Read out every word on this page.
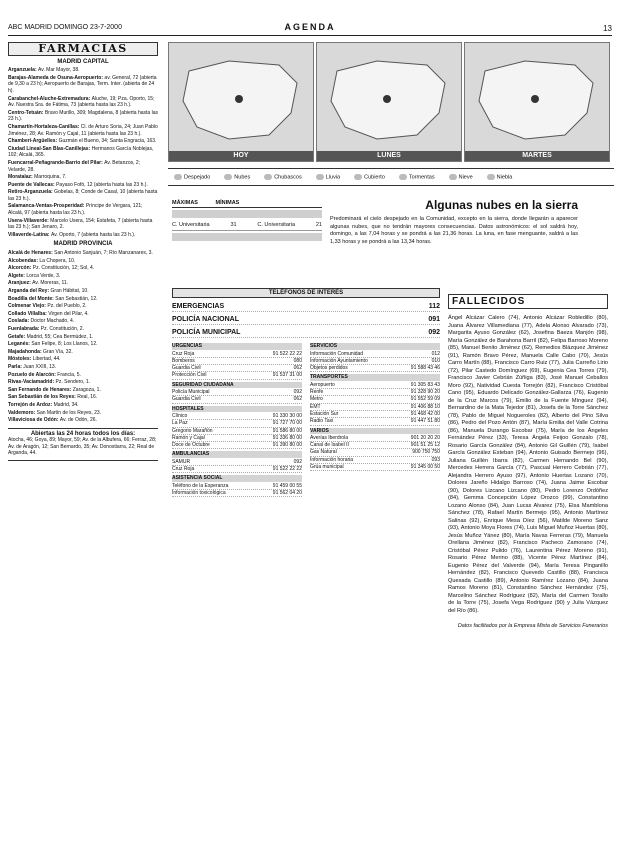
ABC MADRID DOMINGO 23-7-2000	AGENDA	13
FARMACIAS
MADRID CAPITAL

Arganzuela: Av. Mar Mayor, 38.

Barajas-Alameda de Osuna-Aeropuerto: av. General, 72 (abierta de 9,30 a 23 h); Aeropuerto de Barajas, Term. Inter. (abierta de 24 h).

Carabanchel-Aluche-Extremadura: Aluche, 19; Pza. Oporto, 15; Av. Nuestra Sra. de Fátima, 73 (abierta hasta las 23 h.).

Centro-Tetuán: Bravo Murillo, 309; Magdalena, 8 (abierta hasta las 23 h.).

Chamartín-Hortaleza-Canillas: Cl. de Arturo Soria, 24; Juan Pablo Jiménez, 28; Av. Ramón y Cajal, 11 (abierta hasta las 23 h.).

Chamberí-Argüelles: Guzmán el Bueno, 34; Santa Engracia, 163.

Ciudad Lineal-San Blas-Canillejas: Hermanos García Noblejas, 102; Alcalá, 365.

Fuencarral-Peñagrande-Barrio del Pilar: Av. Betanzos, 2; Velarde, 28.

Moratalaz: Marroquina, 7.

Puente de Vallecas: Payaso Fofó, 12 (abierta hasta las 23 h.).

Retiro-Arganzuela: Gobelas, 8; Conde de Casal, 10 (abierta hasta las 23 h.).

Salamanca-Ventas-Prosperidad: Príncipe de Vergara, 121; Alcalá, 97 (abierta hasta las 23 h.).

Usera-Villaverde: Marcelo Usera, 154; Estafeta, 7 (abierta hasta las 23 h.); San Jenaro, 2.

Villaverde-Latina: Av. Oporto, 7 (abierta hasta las 23 h.).

MADRID PROVINCIA

Alcalá de Henares: San Antonio Sanjuán, 7; Río Manzanares, 3.

Alcobendas: La Chopera, 10.

Alcorcón: Pz. Constitución, 12; Sol, 4.

Algete: Lorca Verde, 3.

Aranjuez: Av. Moreras, 11.

Arganda del Rey: Gran Hábitat, 10.

Boadilla del Monte: San Sebastián, 12.

Colmenar Viejo: Pz. del Pueblo, 2.

Collado Villalba: Virgen del Pilar, 4.

Coslada: Doctor Machado, 4.

Fuenlabrada: Pz. Constitución, 2.

Getafe: Madrid, 55; Cea Bermúdez, 1.

Leganés: San Felipe, 8; Los Llanos, 12.

Majadahonda: Gran Vía, 32.

Móstoles: Libertad, 44.

Parla: Juan XXIII, 13.

Pozuelo de Alarcón: Francia, 5.

Rivas-Vaciamadrid: Pz. Sendero, 1.

San Fernando de Henares: Zaragoza, 1.

San Sebastián de los Reyes: Real, 16.

Torrejón de Ardoz: Madrid, 34.

Valdemoro: San Martín de los Reyes, 23.

Villaviciosa de Odón: Av. de Odón, 26.

Abiertas las 24 horas todos los días:

Atocha, 46; Goya, 89; Mayor, 59; Av. de la Albufera, 66; Ferraz, 28; Av. de Aragón, 12; San Bernardo, 35; Av. Donostiarra, 22; Real de Arganda, 44.

HOY	LUNES	MARTES
Despejado	Nubes	Chubascos	Lluvia	Cubierto	Tormentas	Nieve	Niebla
MÁXIMAS	MÍNIMAS
C. Universitaria	31	C. Universitaria	21
Algunas nubes en la sierra

Predominará el cielo despejado en la Comunidad, excepto en la sierra, donde llegarán a aparecer algunas nubes, que no tendrán mayores consecuencias. Datos astronómicos: el sol saldrá hoy, domingo, a las 7,04 horas y se pondrá a las 21,36 horas. La luna, en fase menguante, saldrá a las 1,33 horas y se pondrá a las 13,34 horas.

TELÉFONOS DE INTERÉS
EMERGENCIAS	112
POLICÍA NACIONAL	091
POLICÍA MUNICIPAL	092
URGENCIAS
Cruz Roja	91 522 22 22
Bomberos	080
Guardia Civil	062
Protección Civil	91 537 31 00
SEGURIDAD CIUDADANA
Policía Municipal	092
Guardia Civil	062
HOSPITALES
Clínico	91 330 30 00
La Paz	91 727 70 00
Gregorio Marañón	91 586 80 00
Ramón y Cajal	91 336 80 00
Doce de Octubre	91 390 80 00
AMBULANCIAS
SAMUR	092
Cruz Roja	91 522 22 22
ASISTENCIA SOCIAL
Teléfono de la Esperanza	91 459 00 55
Información toxicológica	91 562 04 20
SERVICIOS
Información Comunidad	012
Información Ayuntamiento	010
Objetos perdidos	91 588 43 46
TRANSPORTES
Aeropuerto	91 305 83 43
Renfe	91 328 90 20
Metro	91 552 59 09
EMT	91 406 88 10
Estación Sur	91 468 42 00
Radio Taxi	91 447 51 80
VARIOS
Averías Iberdrola	901 20 20 20
Canal de Isabel II	901 51 25 12
Gas Natural	900 750 750
Información horaria	093
Grúa municipal	91 345 00 50
FALLECIDOS
Ángel Alcázar Calero (74), Antonio Alcázar Robledillo (80), Juana Álvarez Villamediana (77), Adela Alonso Alvarado (73), Margarita Ayuso González (62), Josefina Baeza Manjón (98), María González de Barahona Barril (82), Felipa Barroso Moreno (85), Manuel Benito Jiménez (62), Remedios Blázquez Jiménez (91), Ramón Bravo Pérez, Manuela Calle Cabo (70), Jesús Carro Martín (88), Francisco Carro Ruiz (77), Julia Carreño Lirio (72), Pilar Castedo Domínguez (69), Eugenia Cea Torres (79), Francisco Javier Cebrián Zúñiga (83), José Manuel Ceballos Moro (92), Natividad Cuesta Torrejón (82), Francisco Cristóbal Cano (95), Eduardo Delicado González-Gallarza (76), Eugenio de la Cruz Marcos (79), Emilio de la Fuente Mínguez (94), Bernardino de la Mata Tejedor (81), Josefa de la Torre Sánchez (78), Pablo de Miguel Nogueroles (82), Alberto del Pino Silva (86), Pedro del Pozo Antón (87), María Emilia del Valle Cotrina (86), Manuela Durango Escobar (75), María de los Ángeles Fernández Pérez (33), Teresa Ángela Feijoo Gonzalo (78), Rosario García González (84), Antonio Gil Guillén (79), Isabel García González Esteban (94), Antonio Guisado Bermejo (96), Juliana Guillén Ibarra (82), Carmen Hernando Bel (90), Mercedes Herrera García (77), Pascual Herrero Cebrián (77), Alejandra Herrero Ayuso (97), Antonio Huertas Lozano (70), Dolores Jareño Hidalgo Barroso (74), Juana Jaime Escobar (90), Dolores Lizcano Lizcano (80), Pedro Lorenzo Ordóñez (84), Gemma Concepción López Orozco (99), Constantino Lozano Alonso (84), Juan Lucas Alvarez (75), Elsa Mamblona Sánchez (78), Rafael Martín Bermejo (95), Antonio Martínez Salinas (92), Enrique Mesa Díez (56), Matilde Moreno Sanz (93), Antonio Moya Flores (74), Luis Miguel Muñoz Huertas (80), Jesús Muñoz Yánez (80), María Navas Ferreras (79), Manuela Orellana Jiménez (82), Francisco Pacheco Zamorano (74), Cristóbal Pérez Pulido (76), Laurentina Pérez Moreno (91), Rosario Pérez Merino (88), Vicente Pérez Martínez (84), Eugenio Pérez del Valverde (94), María Teresa Pinganillo Hernández (82), Francisco Quevedo Castillo (88), Francisca Quesada Castillo (89), Antonio Ramírez Lozano (84), Juana Ramos Moreno (81), Constantino Sánchez Hernández (75), Marcelino Sánchez Rodríguez (82), María del Carmen Torallo de la Torre (75), Josefa Vega Rodríguez (90) y Julia Vázquez del Río (86).
Datos facilitados por la Empresa Mixta de Servicios Funerarios
